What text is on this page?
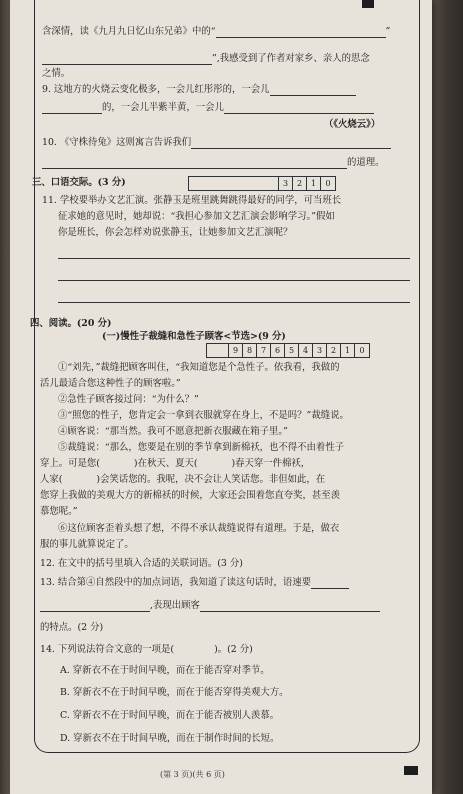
含深情，读《九月九日忆山东兄弟》中的“	”
”,我感受到了作者对家乡、亲人的思念
之情。
9. 这地方的火烧云变化极多，一会儿红彤彤的，一会儿
的，一会儿半紫半黄，一会儿
（《火烧云》）
10. 《守株待兔》这则寓言告诉我们
的道理。
三、口语交际。(3 分)	3	2	1	0
11. 学校要举办文艺汇演。张静玉是班里跳舞跳得最好的同学，可当班长
征求她的意见时，她却说：“我担心参加文艺汇演会影响学习。”假如
你是班长，你会怎样劝说张静玉，让她参加文艺汇演呢？
四、阅读。(20 分)
(一)慢性子裁缝和急性子顾客<节选>(9 分)
9	8	7	6	5	4	3	2	1	0
①“刘先，”裁缝把顾客叫住，“我知道您是个急性子。依我看，我做的
活儿最适合您这种性子的顾客啦。”
②急性子顾客接过问：“为什么？”
③“照您的性子，您肯定会一拿到衣服就穿在身上，不是吗？”裁缝说。
④顾客说：“那当然。我可不愿意把新衣服藏在箱子里。”
⑤裁缝说：“那么，您要是在别的季节拿到新棉袄，也不得不由着性子
穿上。可是您(	)在秋天、夏天(	)春天穿一件棉袄，
人家(	)会笑话您的。我呢，决不会让人笑话您。非但如此，在
您穿上我做的美观大方的新棉袄的时候，大家还会围着您直夸奖，甚至羡
慕您呢。”
⑥这位顾客歪着头想了想，不得不承认裁缝说得有道理。于是，做衣
服的事儿就算说定了。
12. 在文中的括号里填入合适的关联词语。(3 分)
13. 结合第④自然段中的加点词语，我知道了读这句话时，语速要
,表现出顾客
的特点。(2 分)
14. 下列说法符合文意的一项是(	)。(2 分)
A. 穿新衣不在于时间早晚，而在于能否穿对季节。
B. 穿新衣不在于时间早晚，而在于能否穿得美观大方。
C. 穿新衣不在于时间早晚，而在于能否被别人羡慕。
D. 穿新衣不在于时间早晚，而在于制作时间的长短。
(第 3 页)(共 6 页)
